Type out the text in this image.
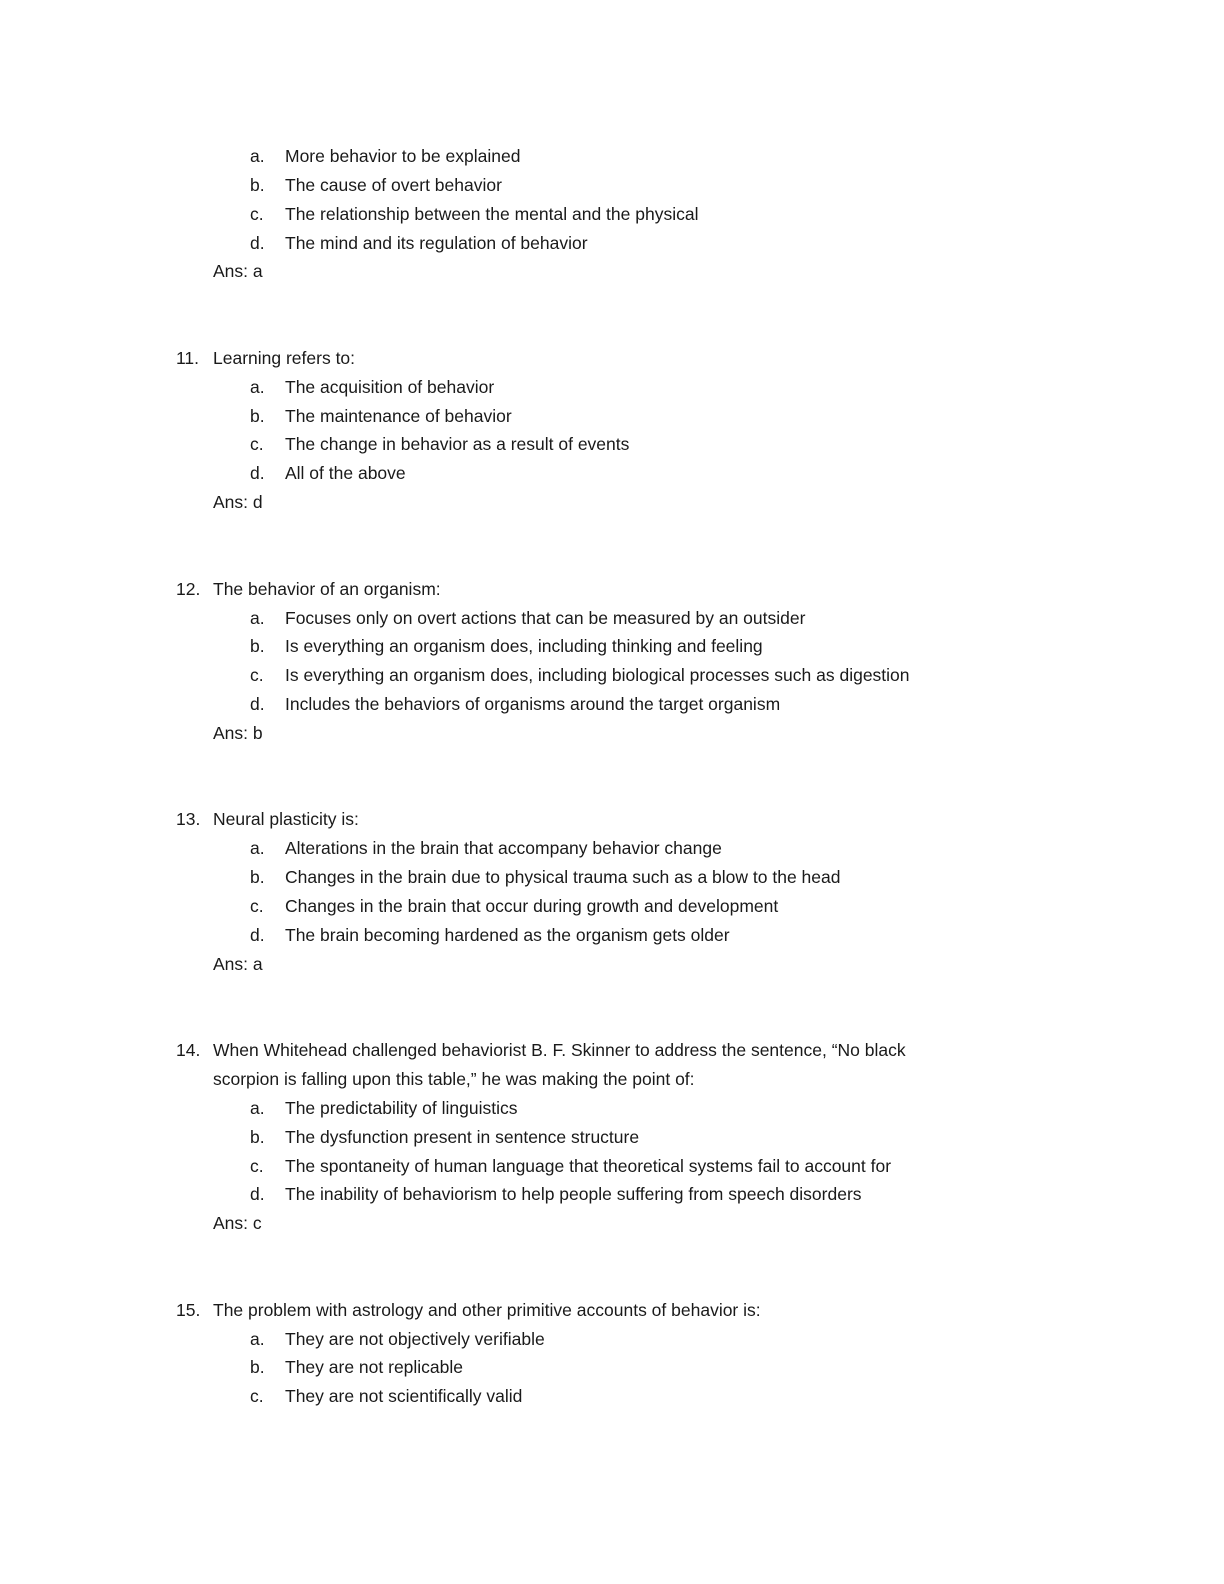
a. More behavior to be explained
b. The cause of overt behavior
c. The relationship between the mental and the physical
d. The mind and its regulation of behavior
Ans: a
11. Learning refers to:
a. The acquisition of behavior
b. The maintenance of behavior
c. The change in behavior as a result of events
d. All of the above
Ans: d
12. The behavior of an organism:
a. Focuses only on overt actions that can be measured by an outsider
b. Is everything an organism does, including thinking and feeling
c. Is everything an organism does, including biological processes such as digestion
d. Includes the behaviors of organisms around the target organism
Ans: b
13. Neural plasticity is:
a. Alterations in the brain that accompany behavior change
b. Changes in the brain due to physical trauma such as a blow to the head
c. Changes in the brain that occur during growth and development
d. The brain becoming hardened as the organism gets older
Ans: a
14. When Whitehead challenged behaviorist B. F. Skinner to address the sentence, “No black
scorpion is falling upon this table,” he was making the point of:
a. The predictability of linguistics
b. The dysfunction present in sentence structure
c. The spontaneity of human language that theoretical systems fail to account for
d. The inability of behaviorism to help people suffering from speech disorders
Ans: c
15. The problem with astrology and other primitive accounts of behavior is:
a. They are not objectively verifiable
b. They are not replicable
c. They are not scientifically valid
